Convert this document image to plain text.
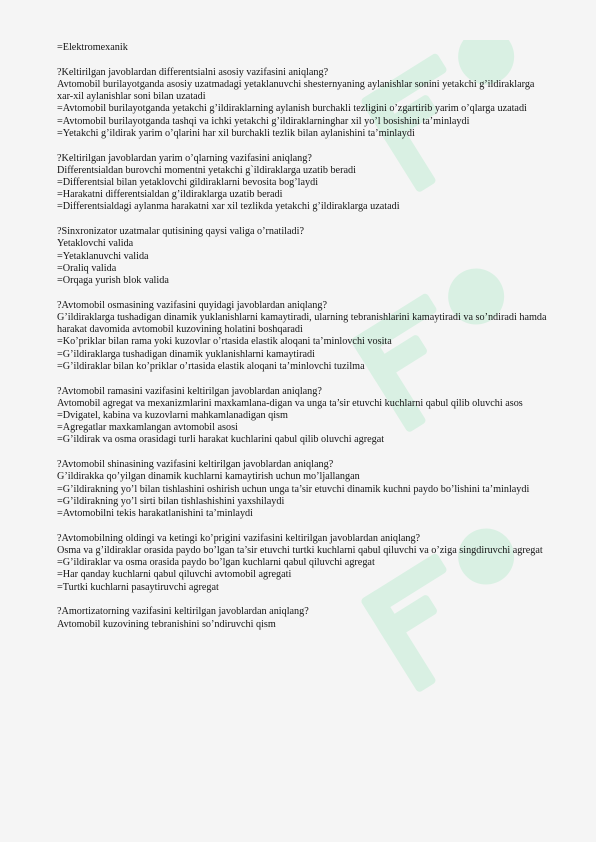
=Elektromexanik
?Keltirilgan javoblardan differentsialni asosiy vazifasini aniqlang?
Avtomobil burilayotganda asosiy uzatmadagi yetaklanuvchi shesternyaning aylanishlar sonini yetakchi g’ildiraklarga xar-xil aylanishlar soni bilan uzatadi
=Avtomobil burilayotganda yetakchi g’ildiraklarning aylanish burchakli tezligini o’zgartirib yarim o’qlarga uzatadi
=Avtomobil burilayotganda tashqi va ichki yetakchi g’ildiraklarninghar xil yo’l bosishini ta’minlaydi
=Yetakchi g’ildirak yarim o’qlarini har xil burchakli tezlik bilan aylanishini ta’minlaydi
?Keltirilgan javoblardan yarim o’qlarning vazifasini aniqlang?
Differentsialdan burovchi momentni yetakchi g`ildiraklarga uzatib beradi
=Differentsial bilan yetaklovchi gildiraklarni bevosita bog’laydi
=Harakatni differentsialdan g’ildiraklarga uzatib beradi
=Differentsialdagi aylanma harakatni xar xil tezlikda yetakchi g’ildiraklarga uzatadi
?Sinxronizator uzatmalar qutisining qaysi valiga o’rnatiladi?
Yetaklovchi valida
=Yetaklanuvchi valida
=Oraliq valida
=Orqaga yurish blok valida
?Avtomobil osmasining vazifasini quyidagi javoblardan aniqlang?
G’ildiraklarga tushadigan dinamik yuklanishlarni kamaytiradi, ularning tebranishlarini kamaytiradi va so’ndiradi hamda harakat davomida avtomobil kuzovining holatini boshqaradi
=Ko’priklar bilan rama yoki kuzovlar o’rtasida elastik aloqani ta’minlovchi vosita
=G’ildiraklarga tushadigan dinamik yuklanishlarni kamaytiradi
=G’ildiraklar bilan ko’priklar o’rtasida elastik aloqani ta’minlovchi tuzilma
?Avtomobil ramasini vazifasini keltirilgan javoblardan aniqlang?
Avtomobil agregat va mexanizmlarini maxkamlana-digan va unga ta’sir etuvchi kuchlarni qabul qilib oluvchi asos
=Dvigatel, kabina va kuzovlarni mahkamlanadigan qism
=Agregatlar maxkamlangan avtomobil asosi
=G’ildirak va osma orasidagi turli harakat kuchlarini qabul qilib oluvchi agregat
?Avtomobil shinasining vazifasini keltirilgan javoblardan aniqlang?
G’ildirakka qo’yilgan dinamik kuchlarni kamaytirish uchun mo’ljallangan
=G’ildirakning yo’l bilan tishlashini oshirish uchun unga ta’sir etuvchi dinamik kuchni paydo bo’lishini ta’minlaydi
=G’ildirakning yo’l sirti bilan tishlashishini yaxshilaydi
=Avtomobilni tekis harakatlanishini ta’minlaydi
?Avtomobilning oldingi va ketingi ko’prigini vazifasini keltirilgan javoblardan aniqlang?
Osma va g’ildiraklar orasida paydo bo’lgan ta’sir etuvchi turtki kuchlarni qabul qiluvchi va o’ziga singdiruvchi agregat
=G’ildiraklar va osma orasida paydo bo’lgan kuchlarni qabul qiluvchi agregat
=Har qanday kuchlarni qabul qiluvchi avtomobil agregati
=Turtki kuchlarni pasaytiruvchi agregat
?Amortizatorning vazifasini keltirilgan javoblardan aniqlang?
Avtomobil kuzovining tebranishini so’ndiruvchi qism
